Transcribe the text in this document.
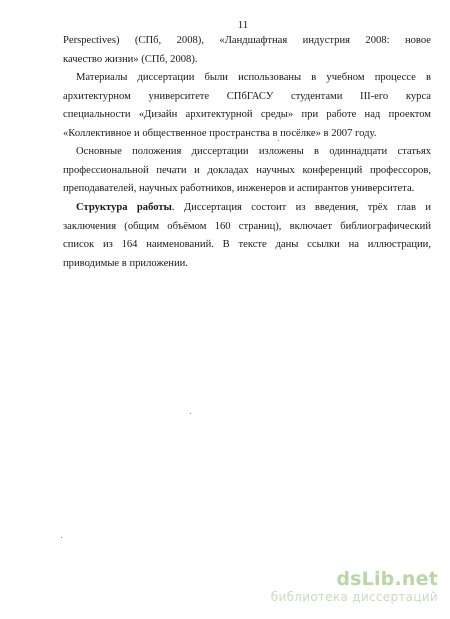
11
Perspectives) (СПб, 2008), «Ландшафтная индустрия 2008: новое
качество жизни» (СПб, 2008).
Материалы диссертации были использованы в учебном процессе в
архитектурном университете СПбГАСУ студентами III-его курса
специальности «Дизайн архитектурной среды» при работе над проектом
«Коллективное и общественное пространства в посёлке» в 2007 году.
Основные положения диссертации изложены в одиннадцати статьях
профессиональной печати и докладах научных конференций профессоров,
преподавателей, научных работников, инженеров и аспирантов университета.
Структура работы. Диссертация состоит из введения, трёх глав и
заключения (общим объёмом 160 страниц), включает библиографический
список из 164 наименований. В тексте даны ссылки на иллюстрации,
приводимые в приложении.
dsLib.net
библиотека диссертаций
